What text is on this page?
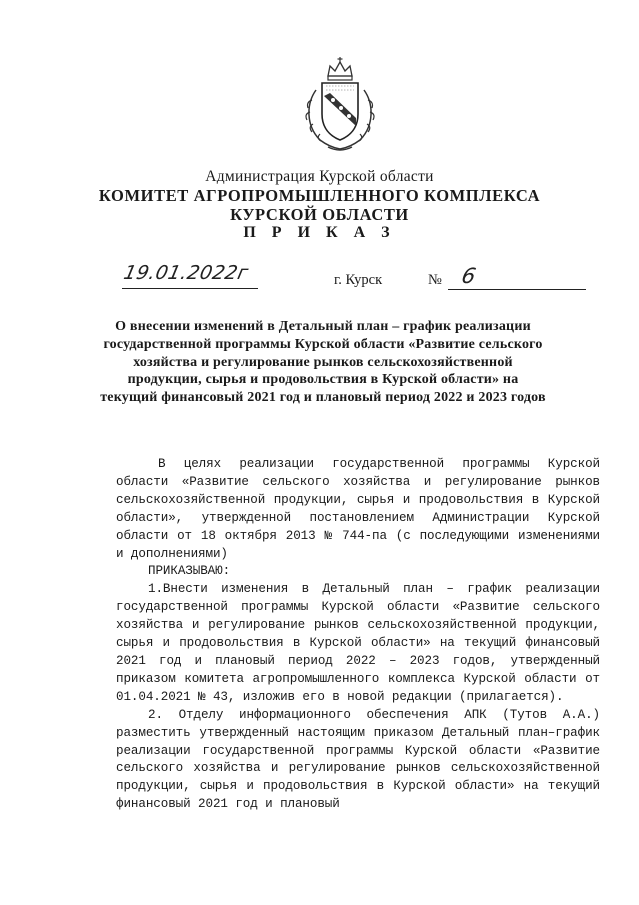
Администрация Курской области
КОМИТЕТ АГРОПРОМЫШЛЕННОГО КОМПЛЕКСА
КУРСКОЙ ОБЛАСТИ
П Р И К А З
19.01.2022г	г. Курск	№ 6
О внесении изменений в Детальный план – график реализации государственной программы Курской области «Развитие сельского хозяйства и регулирование рынков сельскохозяйственной продукции, сырья и продовольствия в Курской области» на текущий финансовый 2021 год и плановый период 2022 и 2023 годов

В целях реализации государственной программы Курской области «Развитие сельского хозяйства и регулирование рынков сельскохозяйственной продукции, сырья и продовольствия в Курской области», утвержденной постановлением Администрации Курской области от 18 октября 2013 № 744-па (с последующими изменениями и дополнениями)

ПРИКАЗЫВАЮ:

1.Внести изменения в Детальный план – график реализации государственной программы Курской области «Развитие сельского хозяйства и регулирование рынков сельскохозяйственной продукции, сырья и продовольствия в Курской области» на текущий финансовый 2021 год и плановый период 2022 – 2023 годов, утвержденный приказом комитета агропромышленного комплекса Курской области от 01.04.2021 № 43, изложив его в новой редакции (прилагается).

2. Отделу информационного обеспечения АПК (Тутов А.А.) разместить утвержденный настоящим приказом Детальный план–график реализации государственной программы Курской области «Развитие сельского хозяйства и регулирование рынков сельскохозяйственной продукции, сырья и продовольствия в Курской области» на текущий финансовый 2021 год и плановый
